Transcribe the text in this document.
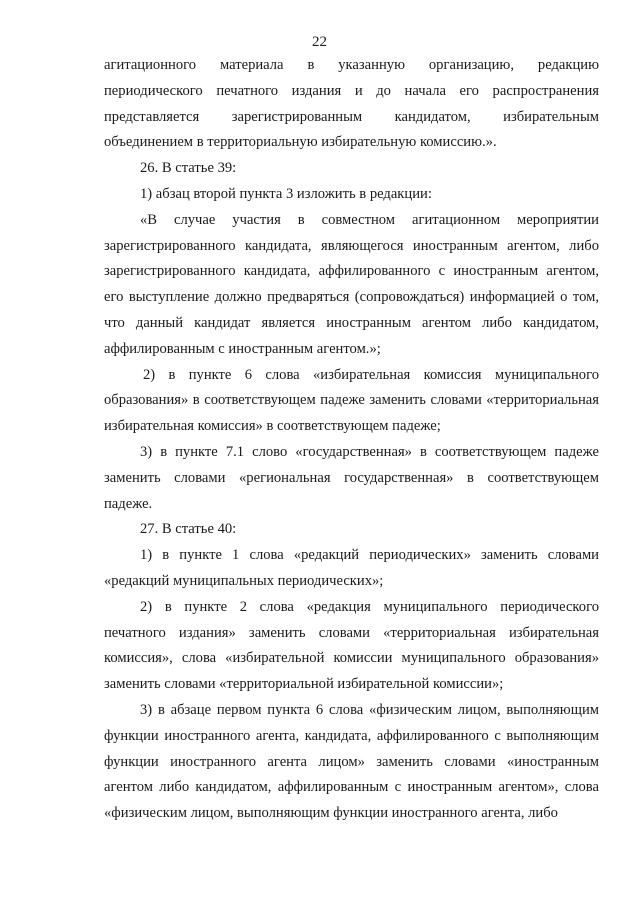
22

агитационного материала в указанную организацию, редакцию периодического печатного издания и до начала его распространения представляется зарегистрированным кандидатом, избирательным объединением в территориальную избирательную комиссию.».

26. В статье 39:

1) абзац второй пункта 3 изложить в редакции:

«В случае участия в совместном агитационном мероприятии зарегистрированного кандидата, являющегося иностранным агентом, либо зарегистрированного кандидата, аффилированного с иностранным агентом, его выступление должно предваряться (сопровождаться) информацией о том, что данный кандидат является иностранным агентом либо кандидатом, аффилированным с иностранным агентом.»;

2) в пункте 6 слова «избирательная комиссия муниципального образования» в соответствующем падеже заменить словами «территориальная избирательная комиссия» в соответствующем падеже;

3) в пункте 7.1 слово «государственная» в соответствующем падеже заменить словами «региональная государственная» в соответствующем падеже.

27. В статье 40:

1) в пункте 1 слова «редакций периодических» заменить словами «редакций муниципальных периодических»;

2) в пункте 2 слова «редакция муниципального периодического печатного издания» заменить словами «территориальная избирательная комиссия», слова «избирательной комиссии муниципального образования» заменить словами «территориальной избирательной комиссии»;

3) в абзаце первом пункта 6 слова «физическим лицом, выполняющим функции иностранного агента, кандидата, аффилированного с выполняющим функции иностранного агента лицом» заменить словами «иностранным агентом либо кандидатом, аффилированным с иностранным агентом», слова «физическим лицом, выполняющим функции иностранного агента, либо
